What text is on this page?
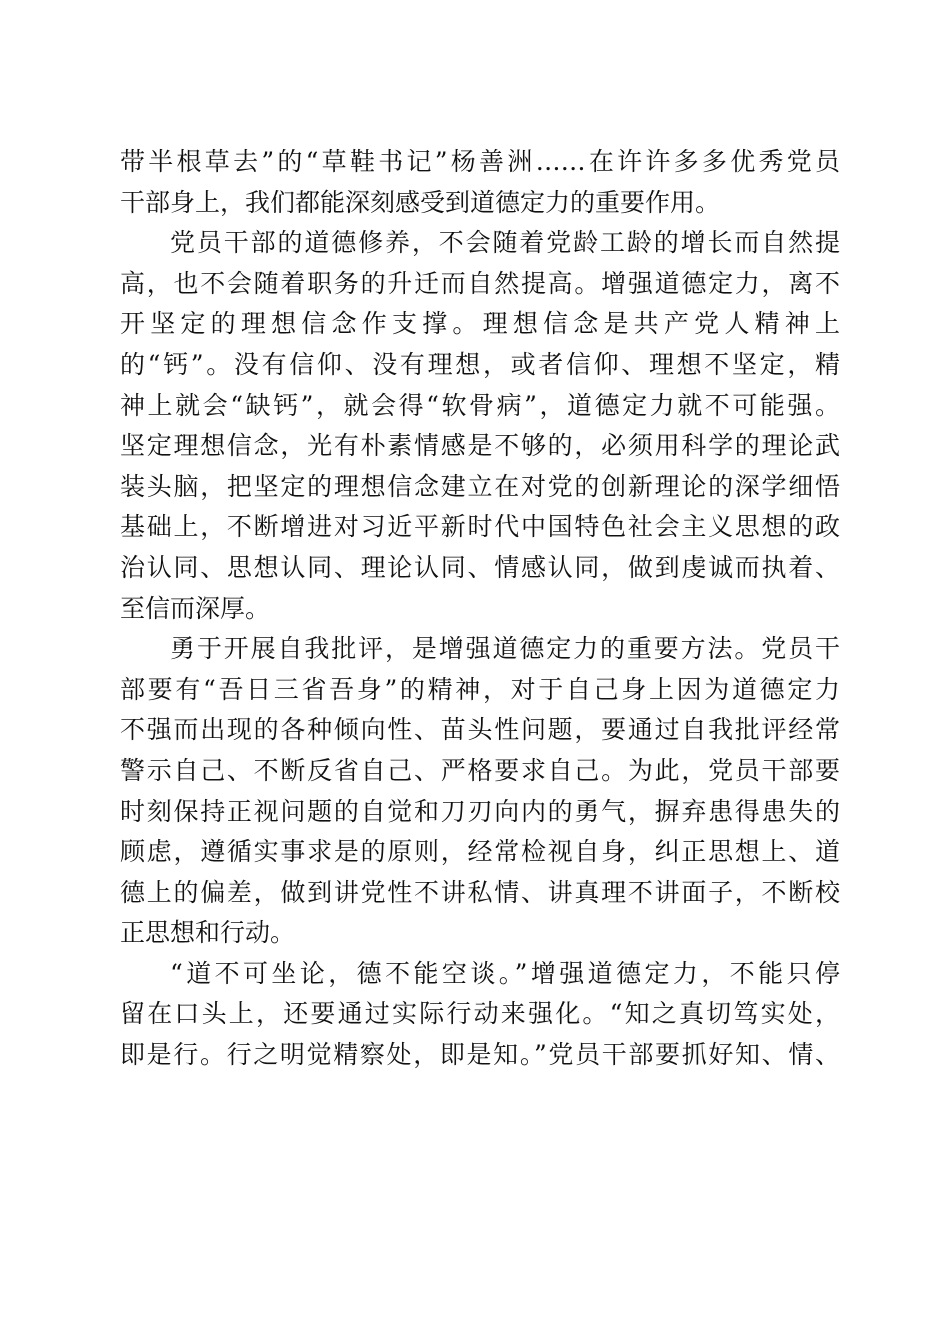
带半根草去”的“草鞋书记”杨善洲……在许许多多优秀党员
干部身上，我们都能深刻感受到道德定力的重要作用。
党员干部的道德修养，不会随着党龄工龄的增长而自然提
高，也不会随着职务的升迁而自然提高。增强道德定力，离不
开坚定的理想信念作支撑。理想信念是共产党人精神上
的“钙”。没有信仰、没有理想，或者信仰、理想不坚定，精
神上就会“缺钙”，就会得“软骨病”，道德定力就不可能强。
坚定理想信念，光有朴素情感是不够的，必须用科学的理论武
装头脑，把坚定的理想信念建立在对党的创新理论的深学细悟
基础上，不断增进对习近平新时代中国特色社会主义思想的政
治认同、思想认同、理论认同、情感认同，做到虔诚而执着、
至信而深厚。
勇于开展自我批评，是增强道德定力的重要方法。党员干
部要有“吾日三省吾身”的精神，对于自己身上因为道德定力
不强而出现的各种倾向性、苗头性问题，要通过自我批评经常
警示自己、不断反省自己、严格要求自己。为此，党员干部要
时刻保持正视问题的自觉和刀刃向内的勇气，摒弃患得患失的
顾虑，遵循实事求是的原则，经常检视自身，纠正思想上、道
德上的偏差，做到讲党性不讲私情、讲真理不讲面子，不断校
正思想和行动。
“道不可坐论，德不能空谈。”增强道德定力，不能只停
留在口头上，还要通过实际行动来强化。“知之真切笃实处，
即是行。行之明觉精察处，即是知。”党员干部要抓好知、情、
